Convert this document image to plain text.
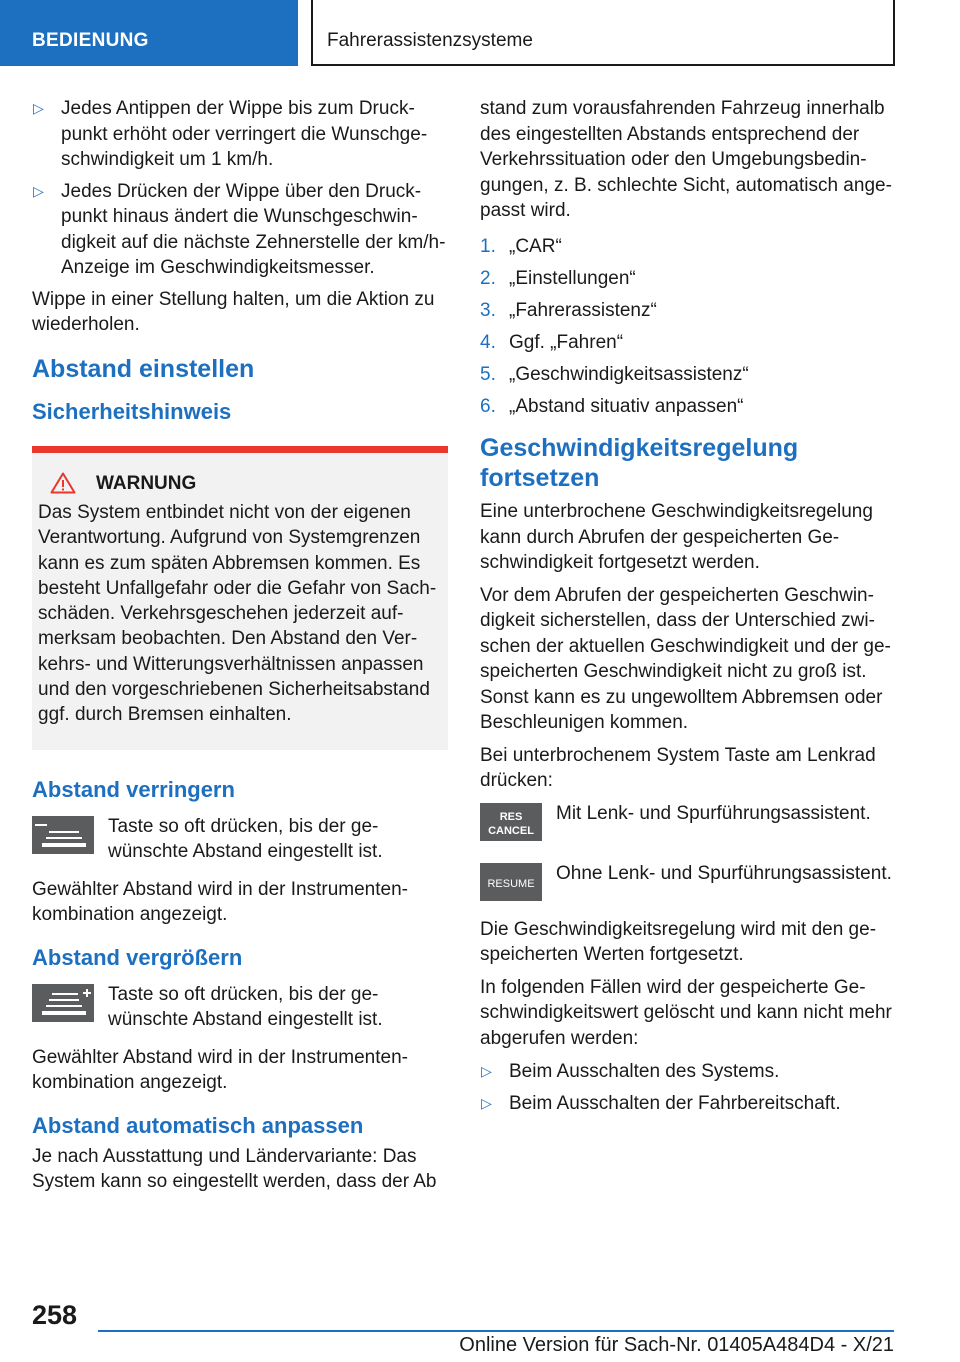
BEDIENUNG	Fahrerassistenzsysteme
▷ Jedes Antippen der Wippe bis zum Druckpunkt erhöht oder verringert die Wunschgeschwindigkeit um 1 km/h.
▷ Jedes Drücken der Wippe über den Druckpunkt hinaus ändert die Wunschgeschwindigkeit auf die nächste Zehnerstelle der km/h-Anzeige im Geschwindigkeitsmesser.

Wippe in einer Stellung halten, um die Aktion zu wiederholen.

Abstand einstellen
Sicherheitshinweis
WARNUNG

Das System entbindet nicht von der eigenen Verantwortung. Aufgrund von Systemgrenzen kann es zum späten Abbremsen kommen. Es besteht Unfallgefahr oder die Gefahr von Sachschäden. Verkehrsgeschehen jederzeit aufmerksam beobachten. Den Abstand den Verkehrs- und Witterungsverhältnissen anpassen und den vorgeschriebenen Sicherheitsabstand ggf. durch Bremsen einhalten.

Abstand verringern
Taste so oft drücken, bis der gewünschte Abstand eingestellt ist.

Gewählter Abstand wird in der Instrumentenkombination angezeigt.

Abstand vergrößern
Taste so oft drücken, bis der gewünschte Abstand eingestellt ist.

Gewählter Abstand wird in der Instrumentenkombination angezeigt.

Abstand automatisch anpassen

Je nach Ausstattung und Ländervariante: Das System kann so eingestellt werden, dass der Ab

stand zum vorausfahrenden Fahrzeug innerhalb des eingestellten Abstands entsprechend der Verkehrssituation oder den Umgebungsbedingungen, z. B. schlechte Sicht, automatisch angepasst wird.

1. „CAR“
2. „Einstellungen“
3. „Fahrerassistenz“
4. Ggf. „Fahren“
5. „Geschwindigkeitsassistenz“
6. „Abstand situativ anpassen“
Geschwindigkeitsregelung fortsetzen

Eine unterbrochene Geschwindigkeitsregelung kann durch Abrufen der gespeicherten Geschwindigkeit fortgesetzt werden.

Vor dem Abrufen der gespeicherten Geschwindigkeit sicherstellen, dass der Unterschied zwischen der aktuellen Geschwindigkeit und der gespeicherten Geschwindigkeit nicht zu groß ist. Sonst kann es zu ungewolltem Abbremsen oder Beschleunigen kommen.

Bei unterbrochenem System Taste am Lenkrad drücken:

RES
CANCEL
Mit Lenk- und Spurführungsassistent.
RESUME Ohne Lenk- und Spurführungsassistent.

Die Geschwindigkeitsregelung wird mit den gespeicherten Werten fortgesetzt.

In folgenden Fällen wird der gespeicherte Geschwindigkeitswert gelöscht und kann nicht mehr abgerufen werden:

▷ Beim Ausschalten des Systems.
▷ Beim Ausschalten der Fahrbereitschaft.
258
Online Version für Sach-Nr. 01405A484D4 - X/21
